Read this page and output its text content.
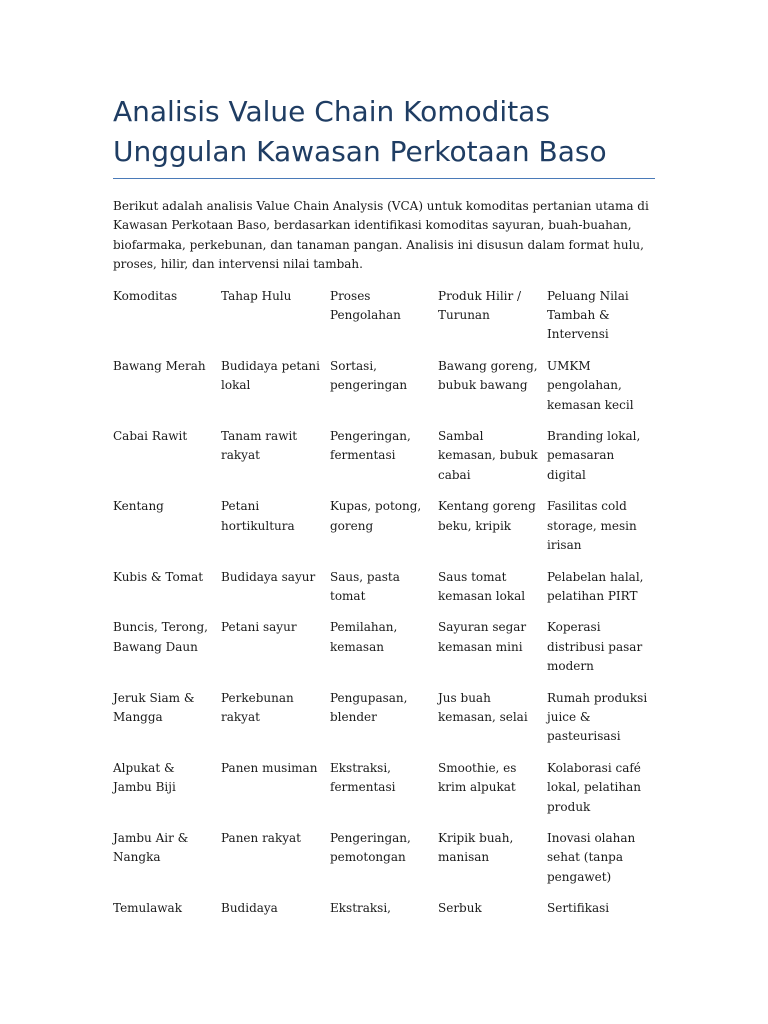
Analisis Value Chain Komoditas Unggulan Kawasan Perkotaan Baso

Berikut adalah analisis Value Chain Analysis (VCA) untuk komoditas pertanian utama di Kawasan Perkotaan Baso, berdasarkan identifikasi komoditas sayuran, buah-buahan, biofarmaka, perkebunan, dan tanaman pangan. Analisis ini disusun dalam format hulu, proses, hilir, dan intervensi nilai tambah.

Komoditas	Tahap Hulu	Proses Pengolahan	Produk Hilir / Turunan	Peluang Nilai Tambah & Intervensi
Bawang Merah	Budidaya petani lokal	Sortasi, pengeringan	Bawang goreng, bubuk bawang	UMKM pengolahan, kemasan kecil
Cabai Rawit	Tanam rawit rakyat	Pengeringan, fermentasi	Sambal kemasan, bubuk cabai	Branding lokal, pemasaran digital
Kentang	Petani hortikultura	Kupas, potong, goreng	Kentang goreng beku, kripik	Fasilitas cold storage, mesin irisan
Kubis & Tomat	Budidaya sayur	Saus, pasta tomat	Saus tomat kemasan lokal	Pelabelan halal, pelatihan PIRT
Buncis, Terong, Bawang Daun	Petani sayur	Pemilahan, kemasan	Sayuran segar kemasan mini	Koperasi distribusi pasar modern
Jeruk Siam & Mangga	Perkebunan rakyat	Pengupasan, blender	Jus buah kemasan, selai	Rumah produksi juice & pasteurisasi
Alpukat & Jambu Biji	Panen musiman	Ekstraksi, fermentasi	Smoothie, es krim alpukat	Kolaborasi café lokal, pelatihan produk
Jambu Air & Nangka	Panen rakyat	Pengeringan, pemotongan	Kripik buah, manisan	Inovasi olahan sehat (tanpa pengawet)
Temulawak	Budidaya	Ekstraksi,	Serbuk	Sertifikasi
